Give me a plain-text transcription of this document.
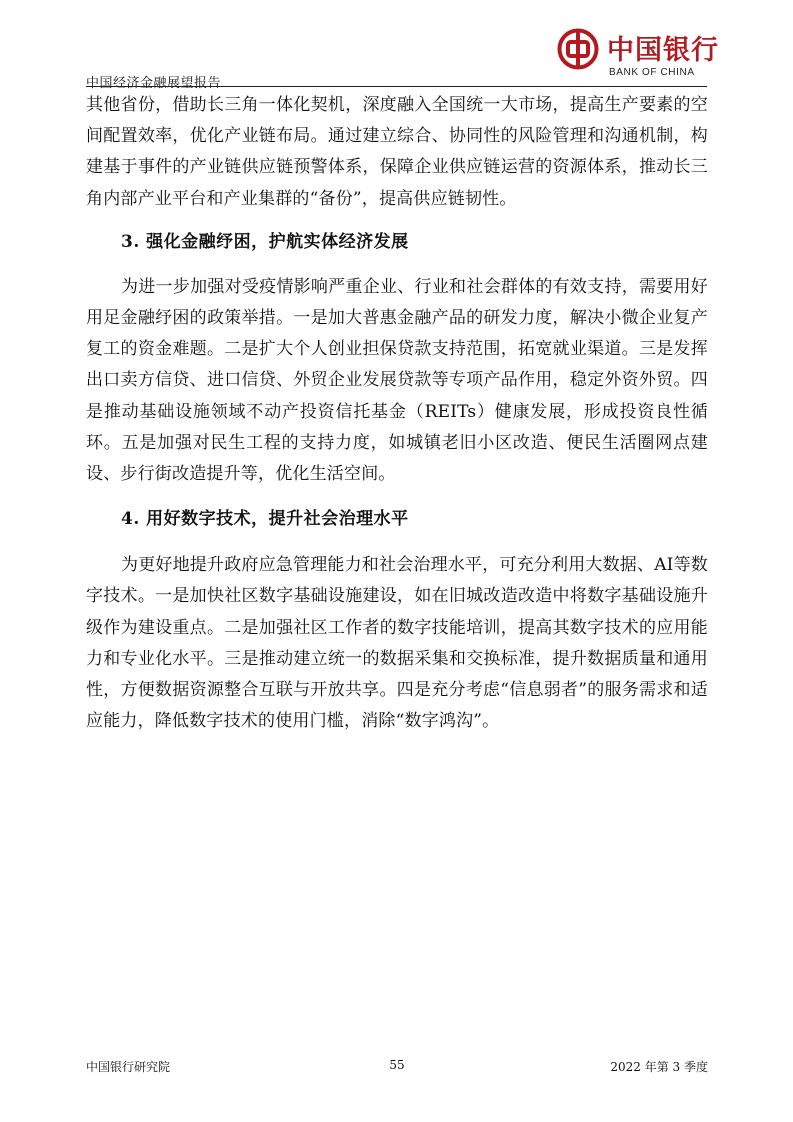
中国银行
BANK OF CHINA
中国经济金融展望报告

其他省份，借助长三角一体化契机，深度融入全国统一大市场，提高生产要素的空间配置效率，优化产业链布局。通过建立综合、协同性的风险管理和沟通机制，构建基于事件的产业链供应链预警体系，保障企业供应链运营的资源体系，推动长三角内部产业平台和产业集群的“备份”，提高供应链韧性。

3. 强化金融纾困，护航实体经济发展

为进一步加强对受疫情影响严重企业、行业和社会群体的有效支持，需要用好用足金融纾困的政策举措。一是加大普惠金融产品的研发力度，解决小微企业复产复工的资金难题。二是扩大个人创业担保贷款支持范围，拓宽就业渠道。三是发挥出口卖方信贷、进口信贷、外贸企业发展贷款等专项产品作用，稳定外资外贸。四是推动基础设施领域不动产投资信托基金（REITs）健康发展，形成投资良性循环。五是加强对民生工程的支持力度，如城镇老旧小区改造、便民生活圈网点建设、步行街改造提升等，优化生活空间。

4. 用好数字技术，提升社会治理水平

为更好地提升政府应急管理能力和社会治理水平，可充分利用大数据、AI等数字技术。一是加快社区数字基础设施建设，如在旧城改造改造中将数字基础设施升级作为建设重点。二是加强社区工作者的数字技能培训，提高其数字技术的应用能力和专业化水平。三是推动建立统一的数据采集和交换标准，提升数据质量和通用性，方便数据资源整合互联与开放共享。四是充分考虑“信息弱者”的服务需求和适应能力，降低数字技术的使用门槛，消除“数字鸿沟”。

中国银行研究院	55	2022 年第 3 季度
